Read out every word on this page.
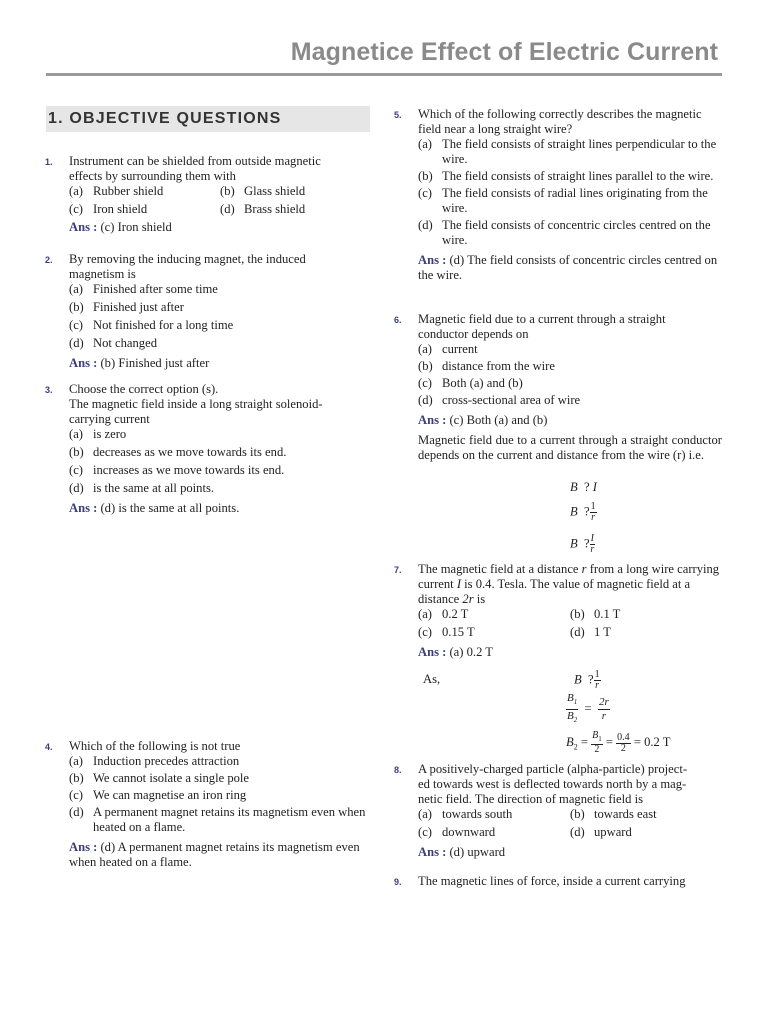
Magnetice Effect of Electric Current
1. OBJECTIVE QUESTIONS
1. Instrument can be shielded from outside magnetic
effects by surrounding them with
(a) Rubber shield	(b) Glass shield
(c) Iron shield	(d) Brass shield
Ans : (c) Iron shield
2. By removing the inducing magnet, the induced
magnetism is
(a) Finished after some time
(b) Finished just after
(c) Not finished for a long time
(d) Not changed
Ans : (b) Finished just after
3. Choose the correct option (s).
The magnetic field inside a long straight solenoid-
carrying current
(a) is zero
(b) decreases as we move towards its end.
(c) increases as we move towards its end.
(d) is the same at all points.
Ans : (d) is the same at all points.
4. Which of the following is not true
(a) Induction precedes attraction
(b) We cannot isolate a single pole
(c) We can magnetise an iron ring
(d) A permanent magnet retains its magnetism even when heated on a flame.
Ans : (d) A permanent magnet retains its magnetism even when heated on a flame.
5. Which of the following correctly describes the magnetic
field near a long straight wire?
(a) The field consists of straight lines perpendicular to the wire.
(b) The field consists of straight lines parallel to the wire.
(c) The field consists of radial lines originating from the wire.
(d) The field consists of concentric circles centred on the wire.
Ans : (d) The field consists of concentric circles centred on the wire.
6. Magnetic field due to a current through a straight
conductor depends on
(a) current
(b) distance from the wire
(c) Both (a) and (b)
(d) cross-sectional area of wire
Ans : (c) Both (a) and (b)
Magnetic field due to a current through a straight conductor depends on the current and distance from the wire (r) i.e.
B ? I
B ? $\frac{1}{r}$
B ? $\frac{I}{r}$
7. The magnetic field at a distance r from a long wire carrying current I is 0.4. Tesla. The value of magnetic field at a distance 2r is
(a) 0.2 T	(b) 0.1 T
(c) 0.15 T	(d) 1 T
Ans : (a) 0.2 T
As,	B ? $\frac{1}{r}$
$\frac{B_1}{B_2} = \frac{2r}{r}$
$B_2 = \frac{B_1}{2} = \frac{0.4}{2} = 0.2$ T
8. A positively-charged particle (alpha-particle) project-
ed towards west is deflected towards north by a mag-
netic field. The direction of magnetic field is
(a) towards south	(b) towards east
(c) downward	(d) upward
Ans : (d) upward
9. The magnetic lines of force, inside a current carrying
